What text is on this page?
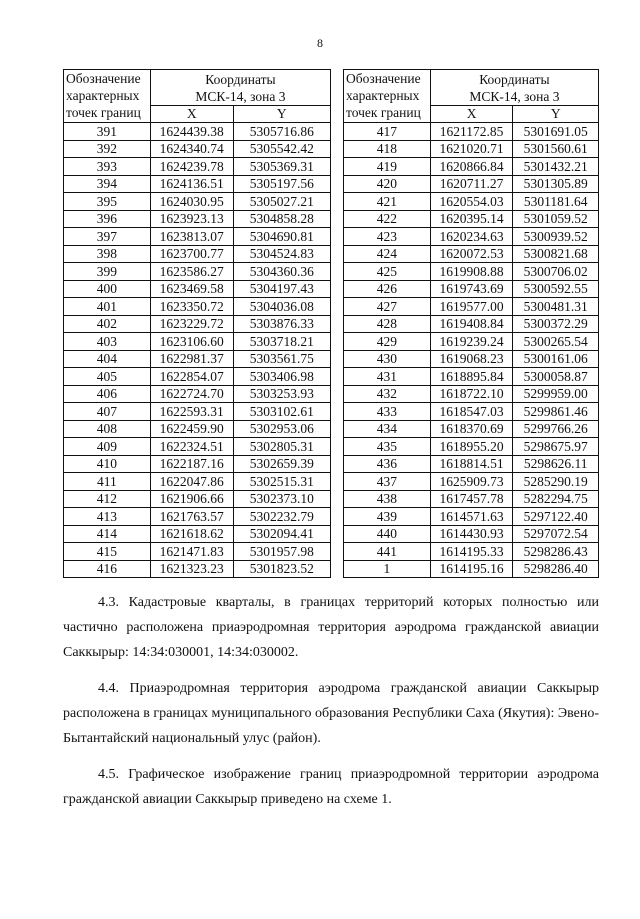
8
Обозначение
характерных
точек границ	Координаты
МСК-14, зона 3	
	X	Y
391	1624439.38	5305716.86
392	1624340.74	5305542.42
393	1624239.78	5305369.31
394	1624136.51	5305197.56
395	1624030.95	5305027.21
396	1623923.13	5304858.28
397	1623813.07	5304690.81
398	1623700.77	5304524.83
399	1623586.27	5304360.36
400	1623469.58	5304197.43
401	1623350.72	5304036.08
402	1623229.72	5303876.33
403	1623106.60	5303718.21
404	1622981.37	5303561.75
405	1622854.07	5303406.98
406	1622724.70	5303253.93
407	1622593.31	5303102.61
408	1622459.90	5302953.06
409	1622324.51	5302805.31
410	1622187.16	5302659.39
411	1622047.86	5302515.31
412	1621906.66	5302373.10
413	1621763.57	5302232.79
414	1621618.62	5302094.41
415	1621471.83	5301957.98
416	1621323.23	5301823.52
Обозначение
характерных
точек границ	Координаты
МСК-14, зона 3	
	X	Y
417	1621172.85	5301691.05
418	1621020.71	5301560.61
419	1620866.84	5301432.21
420	1620711.27	5301305.89
421	1620554.03	5301181.64
422	1620395.14	5301059.52
423	1620234.63	5300939.52
424	1620072.53	5300821.68
425	1619908.88	5300706.02
426	1619743.69	5300592.55
427	1619577.00	5300481.31
428	1619408.84	5300372.29
429	1619239.24	5300265.54
430	1619068.23	5300161.06
431	1618895.84	5300058.87
432	1618722.10	5299959.00
433	1618547.03	5299861.46
434	1618370.69	5299766.26
435	1618955.20	5298675.97
436	1618814.51	5298626.11
437	1625909.73	5285290.19
438	1617457.78	5282294.75
439	1614571.63	5297122.40
440	1614430.93	5297072.54
441	1614195.33	5298286.43
1	1614195.16	5298286.40

4.3. Кадастровые кварталы, в границах территорий которых полностью или частично расположена приаэродромная территория аэродрома гражданской авиации Саккырыр: 14:34:030001, 14:34:030002.

4.4. Приаэродромная территория аэродрома гражданской авиации Саккырыр расположена в границах муниципального образования Республики Саха (Якутия): Эвено-Бытантайский национальный улус (район).

4.5. Графическое изображение границ приаэродромной территории аэродрома гражданской авиации Саккырыр приведено на схеме 1.
